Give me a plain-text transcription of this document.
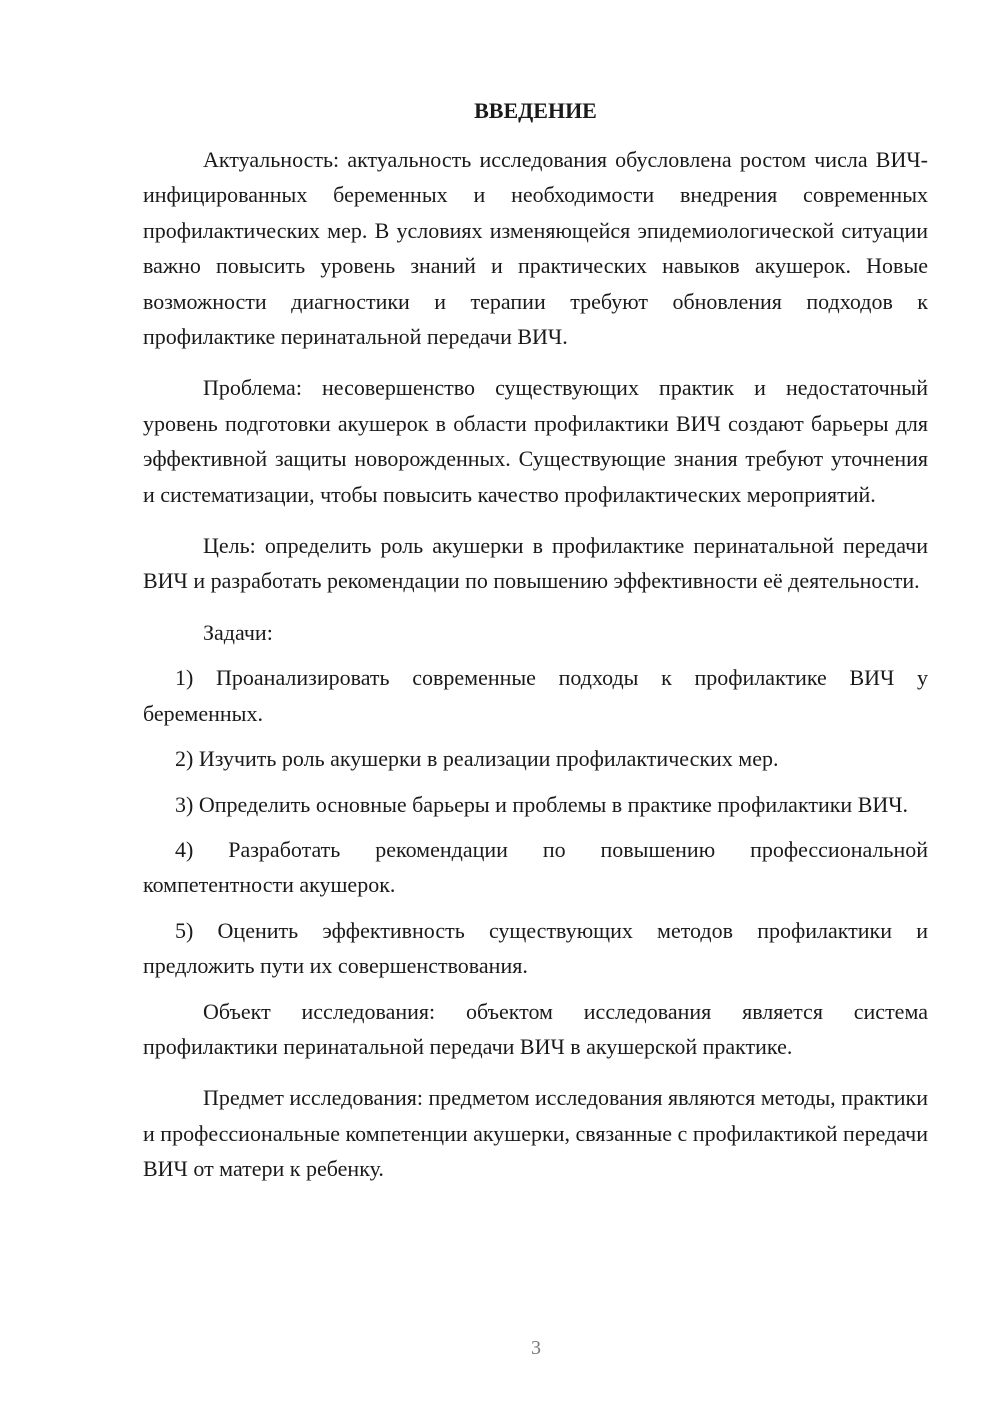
ВВЕДЕНИЕ

Актуальность: актуальность исследования обусловлена ростом числа ВИЧ-инфицированных беременных и необходимости внедрения современных профилактических мер. В условиях изменяющейся эпидемиологической ситуации важно повысить уровень знаний и практических навыков акушерок. Новые возможности диагностики и терапии требуют обновления подходов к профилактике перинатальной передачи ВИЧ.

Проблема: несовершенство существующих практик и недостаточный уровень подготовки акушерок в области профилактики ВИЧ создают барьеры для эффективной защиты новорожденных. Существующие знания требуют уточнения и систематизации, чтобы повысить качество профилактических мероприятий.

Цель: определить роль акушерки в профилактике перинатальной передачи ВИЧ и разработать рекомендации по повышению эффективности её деятельности.

Задачи:

1) Проанализировать современные подходы к профилактике ВИЧ у беременных.

2) Изучить роль акушерки в реализации профилактических мер.

3) Определить основные барьеры и проблемы в практике профилактики ВИЧ.

4) Разработать рекомендации по повышению профессиональной компетентности акушерок.

5) Оценить эффективность существующих методов профилактики и предложить пути их совершенствования.

Объект исследования: объектом исследования является система профилактики перинатальной передачи ВИЧ в акушерской практике.

Предмет исследования: предметом исследования являются методы, практики и профессиональные компетенции акушерки, связанные с профилактикой передачи ВИЧ от матери к ребенку.

3
